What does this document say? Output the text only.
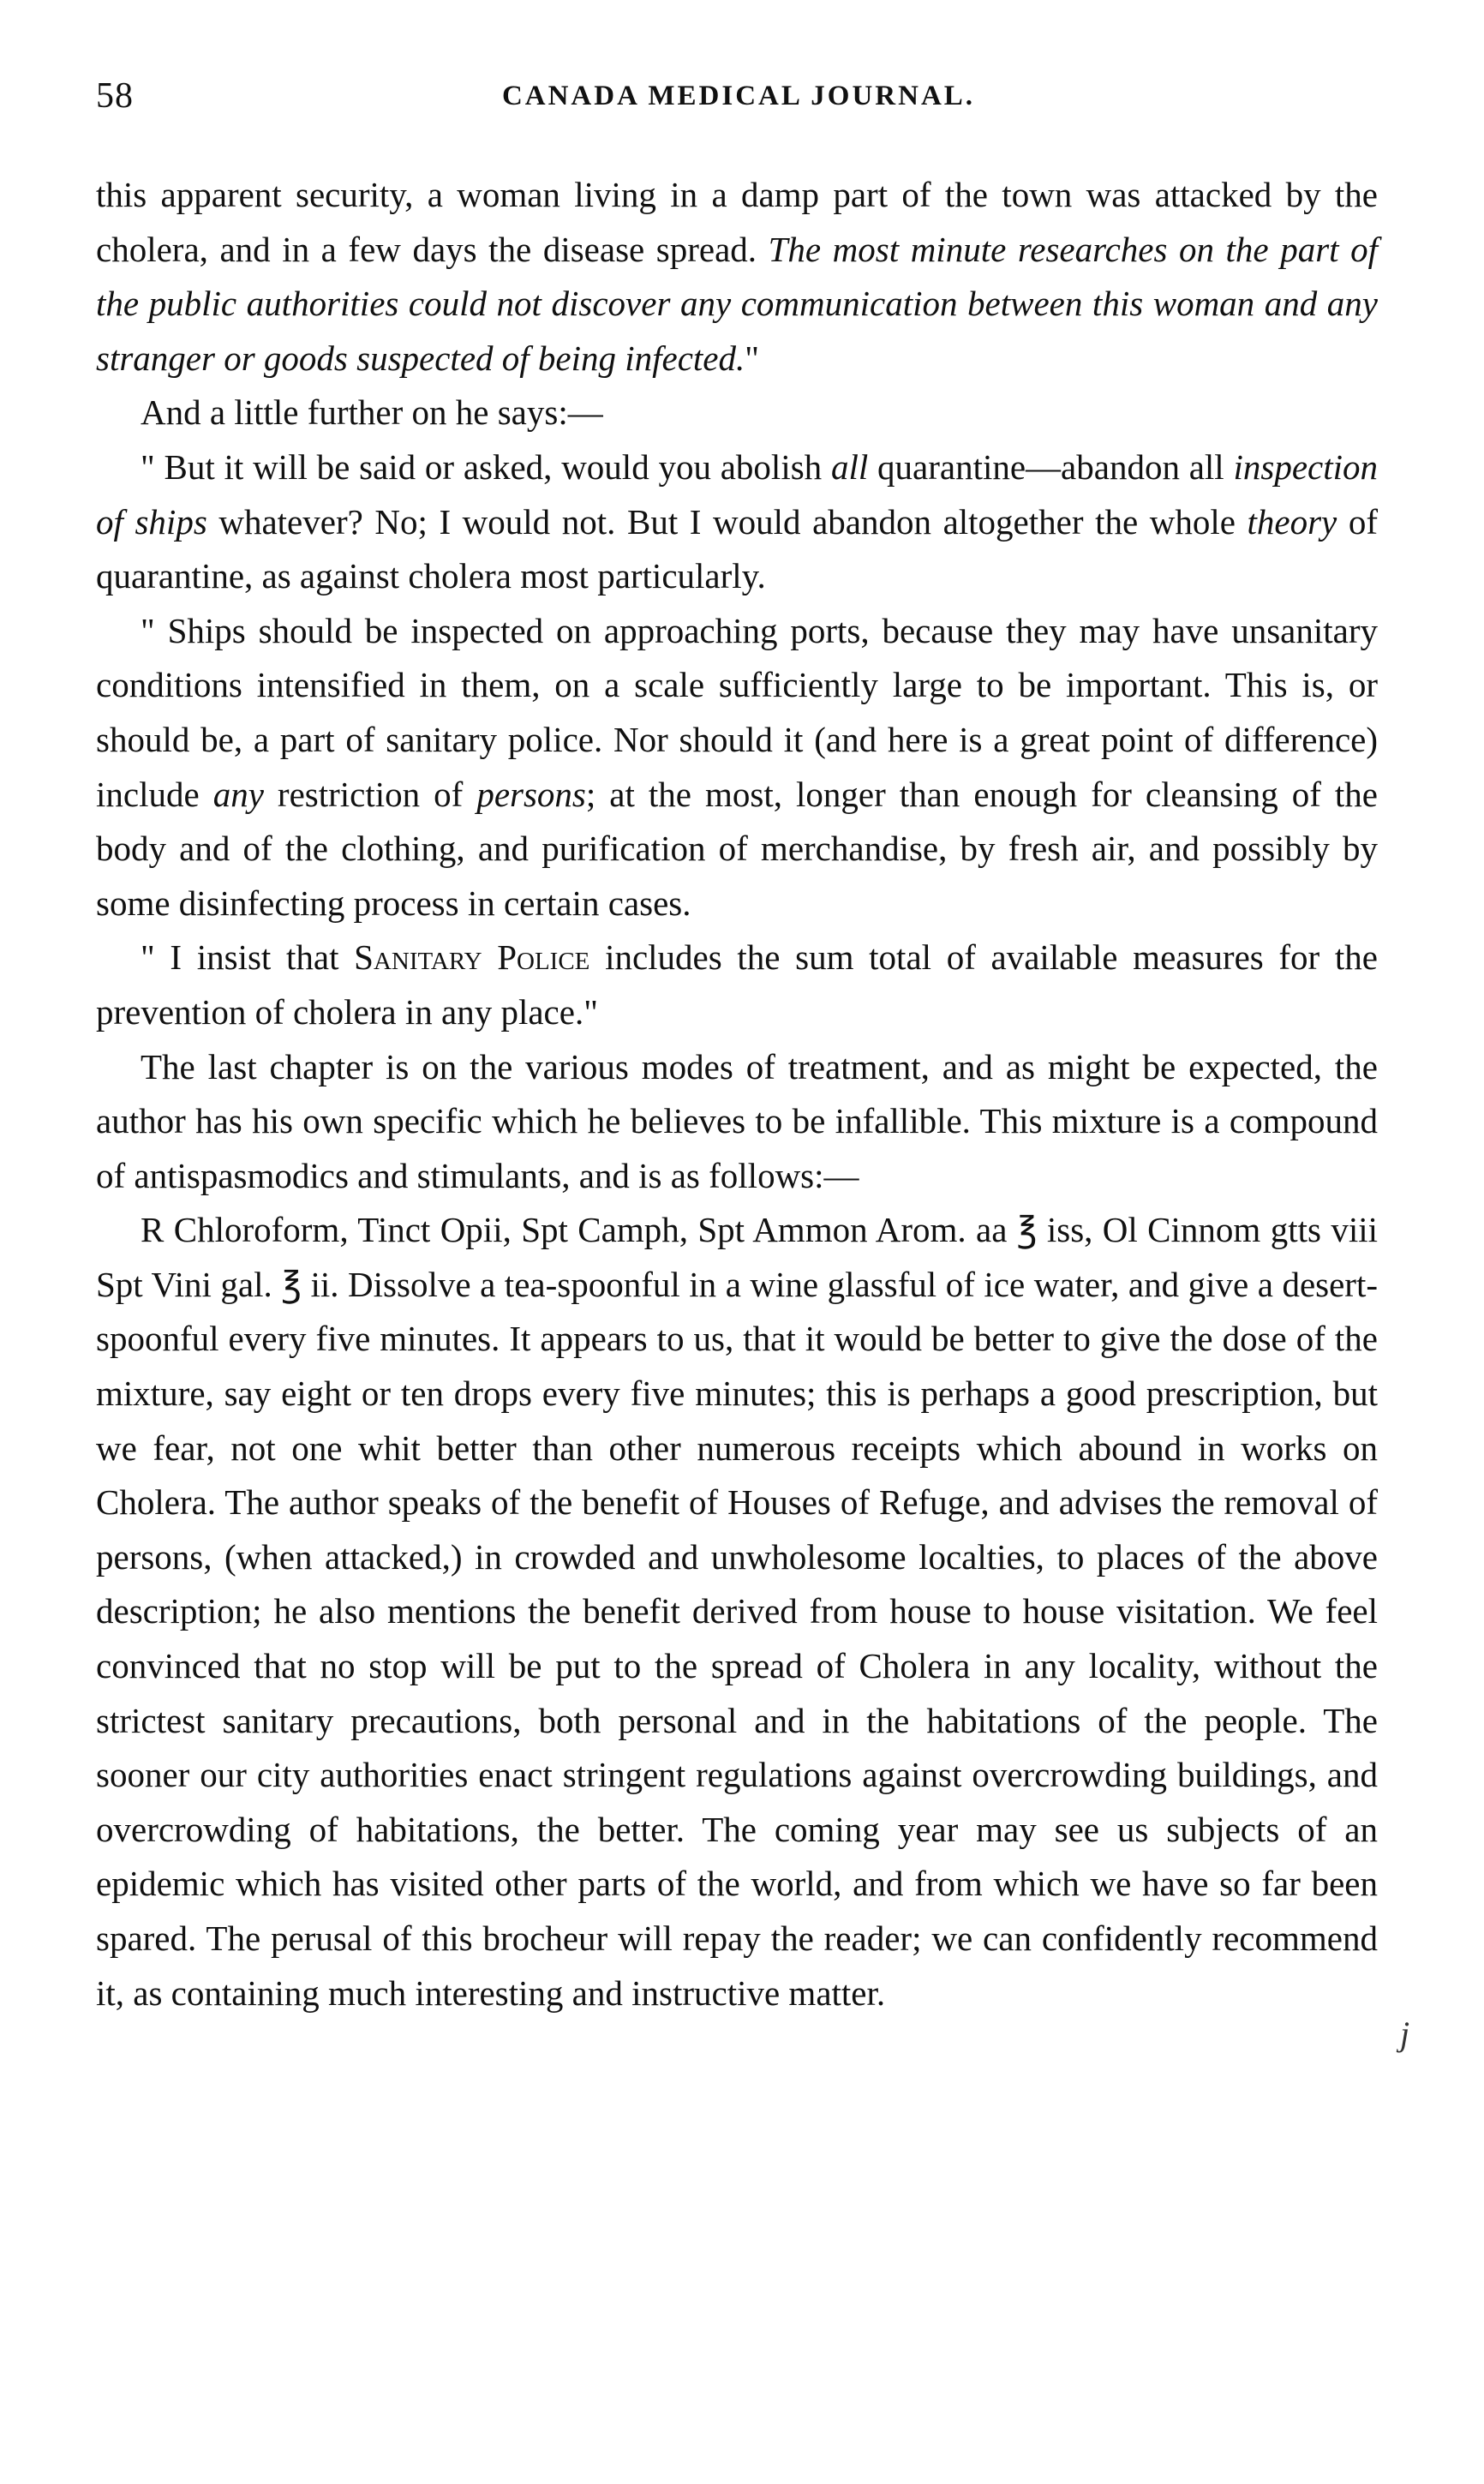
58	CANADA MEDICAL JOURNAL.

this apparent security, a woman living in a damp part of the town was attacked by the cholera, and in a few days the disease spread. The most minute researches on the part of the public authorities could not discover any communication between this woman and any stranger or goods suspected of being infected."

And a little further on he says:—

" But it will be said or asked, would you abolish all quarantine—abandon all inspection of ships whatever? No; I would not. But I would abandon altogether the whole theory of quarantine, as against cholera most particularly.

" Ships should be inspected on approaching ports, because they may have unsanitary conditions intensified in them, on a scale sufficiently large to be important. This is, or should be, a part of sanitary police. Nor should it (and here is a great point of difference) include any restriction of persons; at the most, longer than enough for cleansing of the body and of the clothing, and purification of merchandise, by fresh air, and possibly by some disinfecting process in certain cases.

" I insist that Sanitary Police includes the sum total of available measures for the prevention of cholera in any place."

The last chapter is on the various modes of treatment, and as might be expected, the author has his own specific which he believes to be infallible. This mixture is a compound of antispasmodics and stimulants, and is as follows:—

R Chloroform, Tinct Opii, Spt Camph, Spt Ammon Arom. aa ℥ iss, Ol Cinnom gtts viii Spt Vini gal. ℥ ii. Dissolve a tea-spoonful in a wine glassful of ice water, and give a desert-spoonful every five minutes. It appears to us, that it would be better to give the dose of the mixture, say eight or ten drops every five minutes; this is perhaps a good prescription, but we fear, not one whit better than other numerous receipts which abound in works on Cholera. The author speaks of the benefit of Houses of Refuge, and advises the removal of persons, (when attacked,) in crowded and unwholesome localties, to places of the above description; he also mentions the benefit derived from house to house visitation. We feel convinced that no stop will be put to the spread of Cholera in any locality, without the strictest sanitary precautions, both personal and in the habitations of the people. The sooner our city authorities enact stringent regulations against overcrowding buildings, and overcrowding of habitations, the better. The coming year may see us subjects of an epidemic which has visited other parts of the world, and from which we have so far been spared. The perusal of this brocheur will repay the reader; we can confidently recommend it, as containing much interesting and instructive matter.

j
